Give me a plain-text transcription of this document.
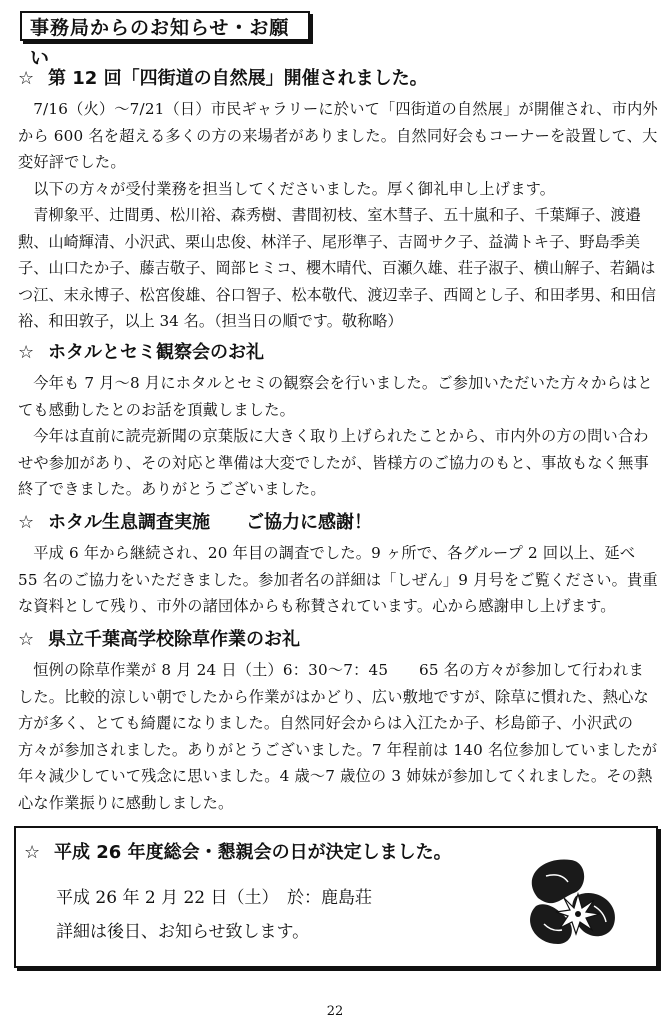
事務局からのお知らせ・お願い
☆ 第 12 回「四街道の自然展」開催されました。

7/16（火）～7/21（日）市民ギャラリーに於いて「四街道の自然展」が開催され、市内外から 600 名を超える多くの方の来場者がありました。自然同好会もコーナーを設置して、大変好評でした。

以下の方々が受付業務を担当してくださいました。厚く御礼申し上げます。

青柳象平、辻間勇、松川裕、森秀樹、書間初枝、室木彗子、五十嵐和子、千葉輝子、渡邉勲、山崎輝清、小沢武、栗山忠俊、林洋子、尾形準子、吉岡サク子、益満トキ子、野島季美子、山口たか子、藤吉敬子、岡部ヒミコ、櫻木晴代、百瀬久雄、荘子淑子、横山解子、若鍋はつ江、末永博子、松宮俊雄、谷口智子、松本敬代、渡辺幸子、西岡とし子、和田孝男、和田信裕、和田敦子，以上 34 名。（担当日の順です。敬称略）

☆ ホタルとセミ観察会のお礼

今年も 7 月～8 月にホタルとセミの観察会を行いました。ご参加いただいた方々からはとても感動したとのお話を頂戴しました。

今年は直前に読売新聞の京葉版に大きく取り上げられたことから、市内外の方の問い合わせや参加があり、その対応と準備は大変でしたが、皆様方のご協力のもと、事故もなく無事終了できました。ありがとうございました。

☆ ホタル生息調査実施　　ご協力に感謝！

平成 6 年から継続され、20 年目の調査でした。9 ヶ所で、各グループ 2 回以上、延べ 55 名のご協力をいただきました。参加者名の詳細は「しぜん」9 月号をご覧ください。貴重な資料として残り、市外の諸団体からも称賛されています。心から感謝申し上げます。

☆ 県立千葉高学校除草作業のお礼

恒例の除草作業が 8 月 24 日（土）6：30～7：45　　65 名の方々が参加して行われました。比較的涼しい朝でしたから作業がはかどり、広い敷地ですが、除草に慣れた、熱心な方が多く、とても綺麗になりました。自然同好会からは入江たか子、杉島節子、小沢武の方々が参加されました。ありがとうございました。7 年程前は 140 名位参加していましたが年々減少していて残念に思いました。4 歳～7 歳位の 3 姉妹が参加してくれました。その熱心な作業振りに感動しました。

☆ 平成 26 年度総会・懇親会の日が決定しました。
平成 26 年 2 月 22 日（土）　於：鹿島荘
詳細は後日、お知らせ致します。
22
